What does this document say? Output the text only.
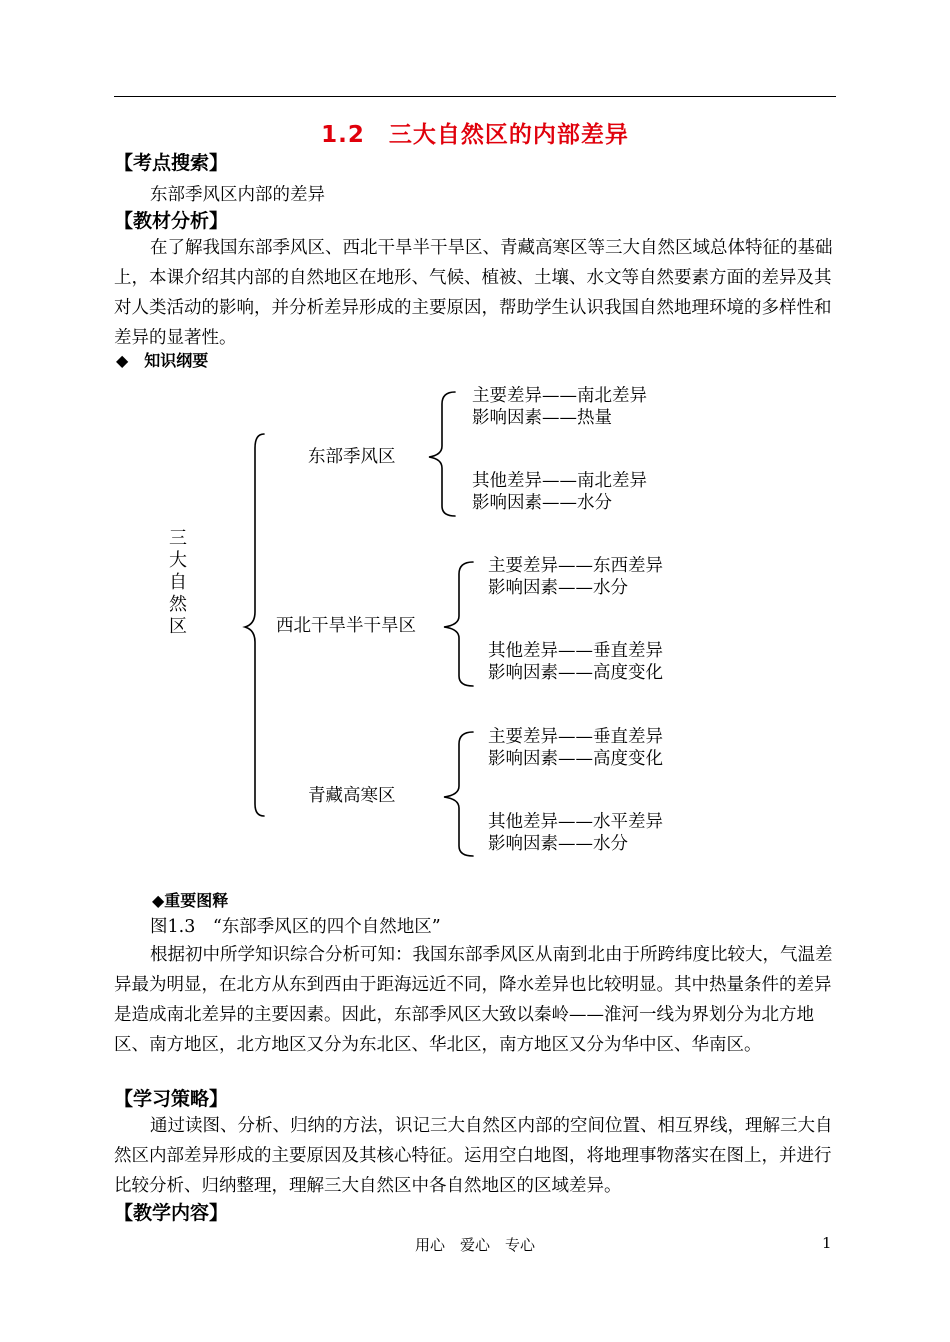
1.2　三大自然区的内部差异
【考点搜索】
东部季风区内部的差异
【教材分析】
在了解我国东部季风区、西北干旱半干旱区、青藏高寒区等三大自然区域总体特征的基础上，本课介绍其内部的自然地区在地形、气候、植被、土壤、水文等自然要素方面的差异及其对人类活动的影响，并分析差异形成的主要原因，帮助学生认识我国自然地理环境的多样性和差异的显著性。
◆　知识纲要
三大自然区
东部季风区
主要差异——南北差异
影响因素——热量
其他差异——南北差异
影响因素——水分
西北干旱半干旱区
主要差异——东西差异
影响因素——水分
其他差异——垂直差异
影响因素——高度变化
青藏高寒区
主要差异——垂直差异
影响因素——高度变化
其他差异——水平差异
影响因素——水分
◆重要图释
图1.3　“东部季风区的四个自然地区”
根据初中所学知识综合分析可知：我国东部季风区从南到北由于所跨纬度比较大，气温差异最为明显，在北方从东到西由于距海远近不同，降水差异也比较明显。其中热量条件的差异是造成南北差异的主要因素。因此，东部季风区大致以秦岭——淮河一线为界划分为北方地区、南方地区，北方地区又分为东北区、华北区，南方地区又分为华中区、华南区。
【学习策略】
通过读图、分析、归纳的方法，识记三大自然区内部的空间位置、相互界线，理解三大自然区内部差异形成的主要原因及其核心特征。运用空白地图，将地理事物落实在图上，并进行比较分析、归纳整理，理解三大自然区中各自然地区的区域差异。
【教学内容】
用心　爱心　专心	1
